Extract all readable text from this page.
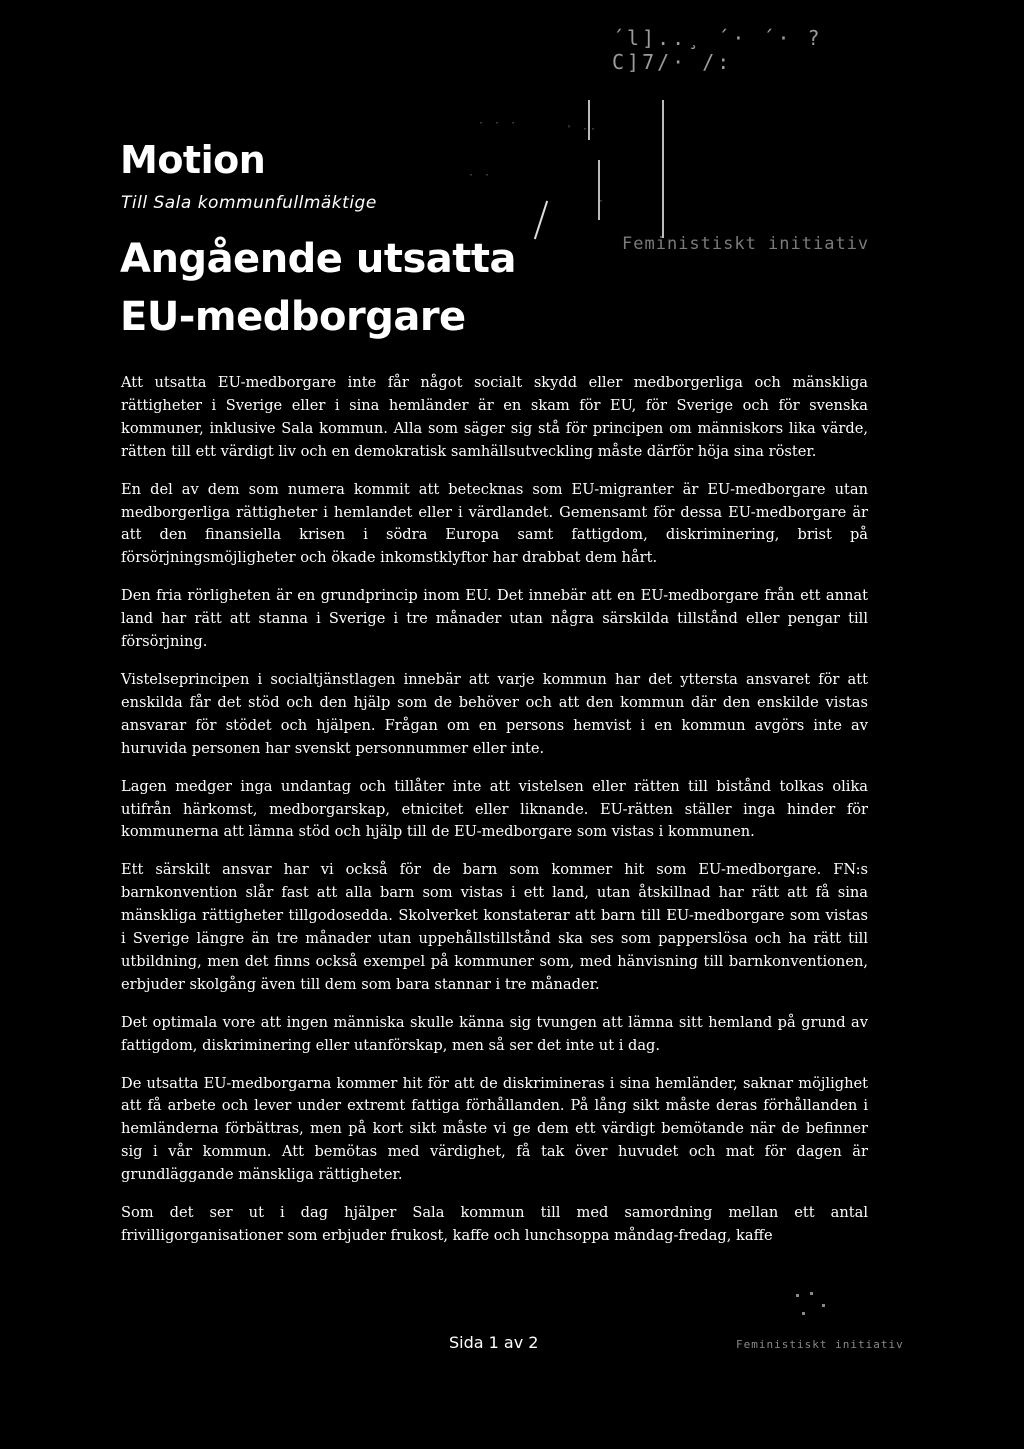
´l]..¸ ´· ´· ?C]7/· /:
· · ·
' ··
· ·
·
Motion
Till Sala kommunfullmäktige
Angående utsatta EU-medborgare
Feministiskt initiativ

Att utsatta EU-medborgare inte får något socialt skydd eller medborgerliga och mänskliga rättigheter i Sverige eller i sina hemländer är en skam för EU, för Sverige och för svenska kommuner, inklusive Sala kommun. Alla som säger sig stå för principen om människors lika värde, rätten till ett värdigt liv och en demokratisk samhällsutveckling måste därför höja sina röster.

En del av dem som numera kommit att betecknas som EU-migranter är EU-medborgare utan medborgerliga rättigheter i hemlandet eller i värdlandet. Gemensamt för dessa EU-medborgare är att den finansiella krisen i södra Europa samt fattigdom, diskriminering, brist på försörjningsmöjligheter och ökade inkomstklyftor har drabbat dem hårt.

Den fria rörligheten är en grundprincip inom EU. Det innebär att en EU-medborgare från ett annat land har rätt att stanna i Sverige i tre månader utan några särskilda tillstånd eller pengar till försörjning.

Vistelseprincipen i socialtjänstlagen innebär att varje kommun har det yttersta ansvaret för att enskilda får det stöd och den hjälp som de behöver och att den kommun där den enskilde vistas ansvarar för stödet och hjälpen. Frågan om en persons hemvist i en kommun avgörs inte av huruvida personen har svenskt personnummer eller inte.

Lagen medger inga undantag och tillåter inte att vistelsen eller rätten till bistånd tolkas olika utifrån härkomst, medborgarskap, etnicitet eller liknande. EU-rätten ställer inga hinder för kommunerna att lämna stöd och hjälp till de EU-medborgare som vistas i kommunen.

Ett särskilt ansvar har vi också för de barn som kommer hit som EU-medborgare. FN:s barnkonvention slår fast att alla barn som vistas i ett land, utan åtskillnad har rätt att få sina mänskliga rättigheter tillgodosedda. Skolverket konstaterar att barn till EU-medborgare som vistas i Sverige längre än tre månader utan uppehållstillstånd ska ses som papperslösa och ha rätt till utbildning, men det finns också exempel på kommuner som, med hänvisning till barnkonventionen, erbjuder skolgång även till dem som bara stannar i tre månader.

Det optimala vore att ingen människa skulle känna sig tvungen att lämna sitt hemland på grund av fattigdom, diskriminering eller utanförskap, men så ser det inte ut i dag.

De utsatta EU-medborgarna kommer hit för att de diskrimineras i sina hemländer, saknar möjlighet att få arbete och lever under extremt fattiga förhållanden. På lång sikt måste deras förhållanden i hemländerna förbättras, men på kort sikt måste vi ge dem ett värdigt bemötande när de befinner sig i vår kommun. Att bemötas med värdighet, få tak över huvudet och mat för dagen är grundläggande mänskliga rättigheter.

Som det ser ut i dag hjälper Sala kommun till med samordning mellan ett antal frivilligorganisationer som erbjuder frukost, kaffe och lunchsoppa måndag-fredag, kaffe

Sida 1 av 2	Feministiskt initiativ
